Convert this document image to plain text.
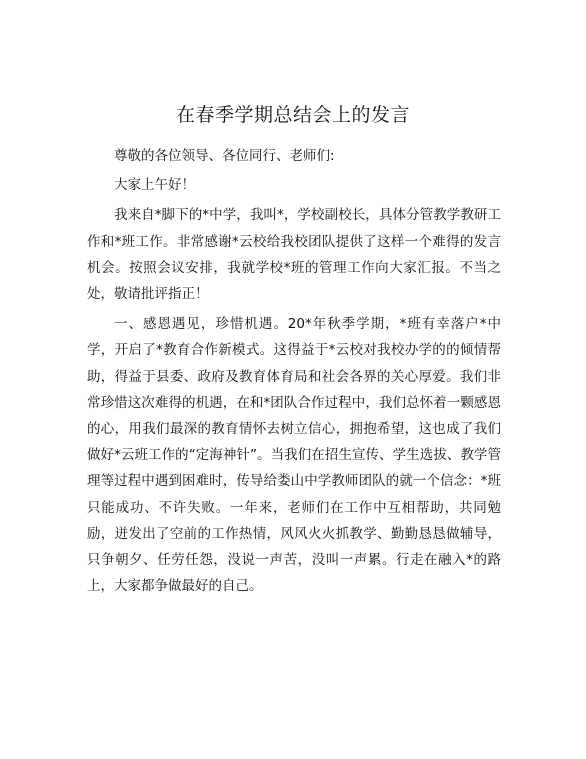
在春季学期总结会上的发言

尊敬的各位领导、各位同行、老师们:

大家上午好！

我来自*脚下的*中学，我叫*，学校副校长，具体分管教学教研工作和*班工作。非常感谢*云校给我校团队提供了这样一个难得的发言机会。按照会议安排，我就学校*班的管理工作向大家汇报。不当之处，敬请批评指正！

一、感恩遇见，珍惜机遇。20*年秋季学期，*班有幸落户*中学，开启了*教育合作新模式。这得益于*云校对我校办学的的倾情帮助，得益于县委、政府及教育体育局和社会各界的关心厚爱。我们非常珍惜这次难得的机遇，在和*团队合作过程中，我们总怀着一颗感恩的心，用我们最深的教育情怀去树立信心，拥抱希望，这也成了我们做好*云班工作的“定海神针”。当我们在招生宣传、学生选拔、教学管理等过程中遇到困难时，传导给娄山中学教师团队的就一个信念：*班只能成功、不许失败。一年来，老师们在工作中互相帮助，共同勉励，迸发出了空前的工作热情，风风火火抓教学、勤勤恳恳做辅导，只争朝夕、任劳任怨，没说一声苦，没叫一声累。行走在融入*的路上，大家都争做最好的自己。
